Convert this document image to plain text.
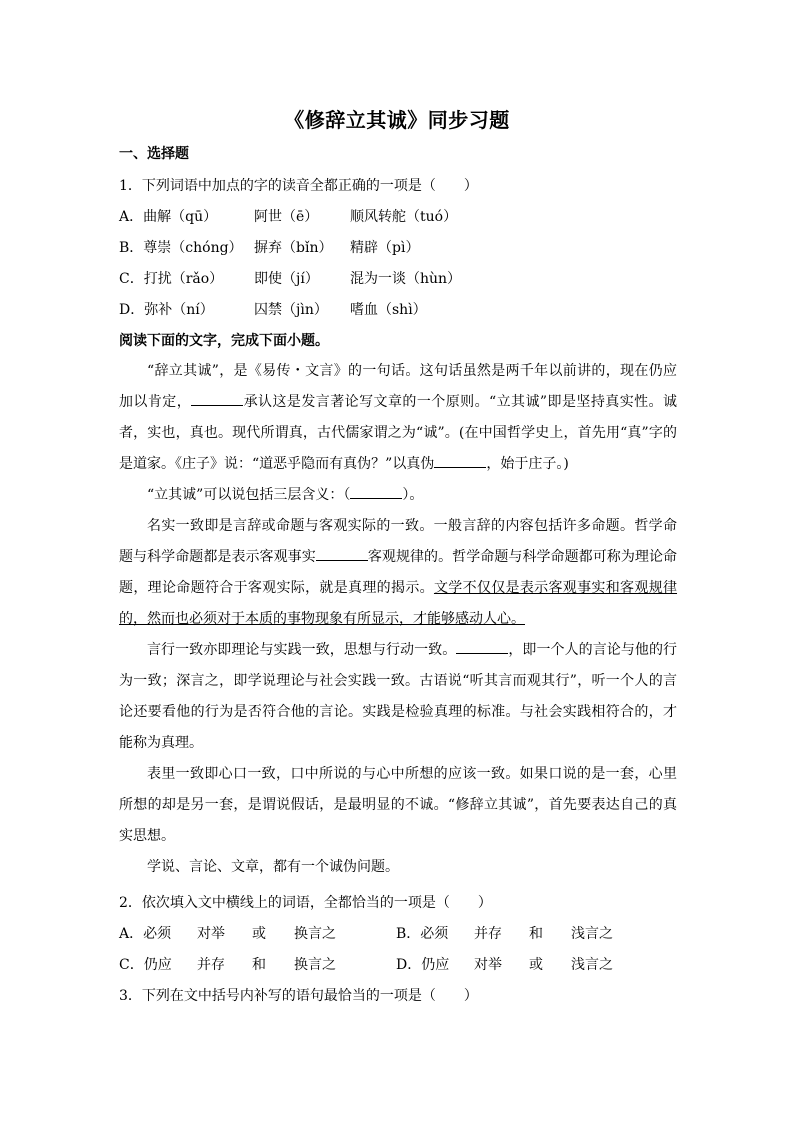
《修辞立其诚》同步习题
一、选择题
1．下列词语中加点的字的读音全都正确的一项是（　　）
A．曲解（qū）	阿世（ē） 顺风转舵（tuó）
B．尊崇（chóng） 摒弃（bǐn） 精辟（pì）
C．打扰（rǎo） 即使（jí） 混为一谈（hùn）
D．弥补（ní）	囚禁（jìn） 嗜血（shì）
阅读下面的文字，完成下面小题。
“辞立其诚”，是《易传・文言》的一句话。这句话虽然是两千年以前讲的，现在仍应加以肯定，	承认这是发言著论写文章的一个原则。“立其诚”即是坚持真实性。诚者，实也，真也。现代所谓真，古代儒家谓之为“诚”。(在中国哲学史上，首先用“真”字的是道家。《庄子》说：“道恶乎隐而有真伪？”以真伪	，始于庄子。)
“立其诚”可以说包括三层含义：（	）。
名实一致即是言辞或命题与客观实际的一致。一般言辞的内容包括许多命题。哲学命题与科学命题都是表示客观事实	客观规律的。哲学命题与科学命题都可称为理论命题，理论命题符合于客观实际，就是真理的揭示。文学不仅仅是表示客观事实和客观规律的，然而也必须对于本质的事物现象有所显示，才能够感动人心。
言行一致亦即理论与实践一致，思想与行动一致。	，即一个人的言论与他的行为一致；深言之，即学说理论与社会实践一致。古语说“听其言而观其行”，听一个人的言论还要看他的行为是否符合他的言论。实践是检验真理的标准。与社会实践相符合的，才能称为真理。
表里一致即心口一致，口中所说的与心中所想的应该一致。如果口说的是一套，心里所想的却是另一套，是谓说假话，是最明显的不诚。“修辞立其诚”，首先要表达自己的真实思想。
学说、言论、文章，都有一个诚伪问题。
2．依次填入文中横线上的词语，全都恰当的一项是（　　）
A．必须 对举 或 换言之	B．必须 并存 和 浅言之
C．仍应 并存 和 换言之	D．仍应 对举 或 浅言之
3．下列在文中括号内补写的语句最恰当的一项是（　　）
